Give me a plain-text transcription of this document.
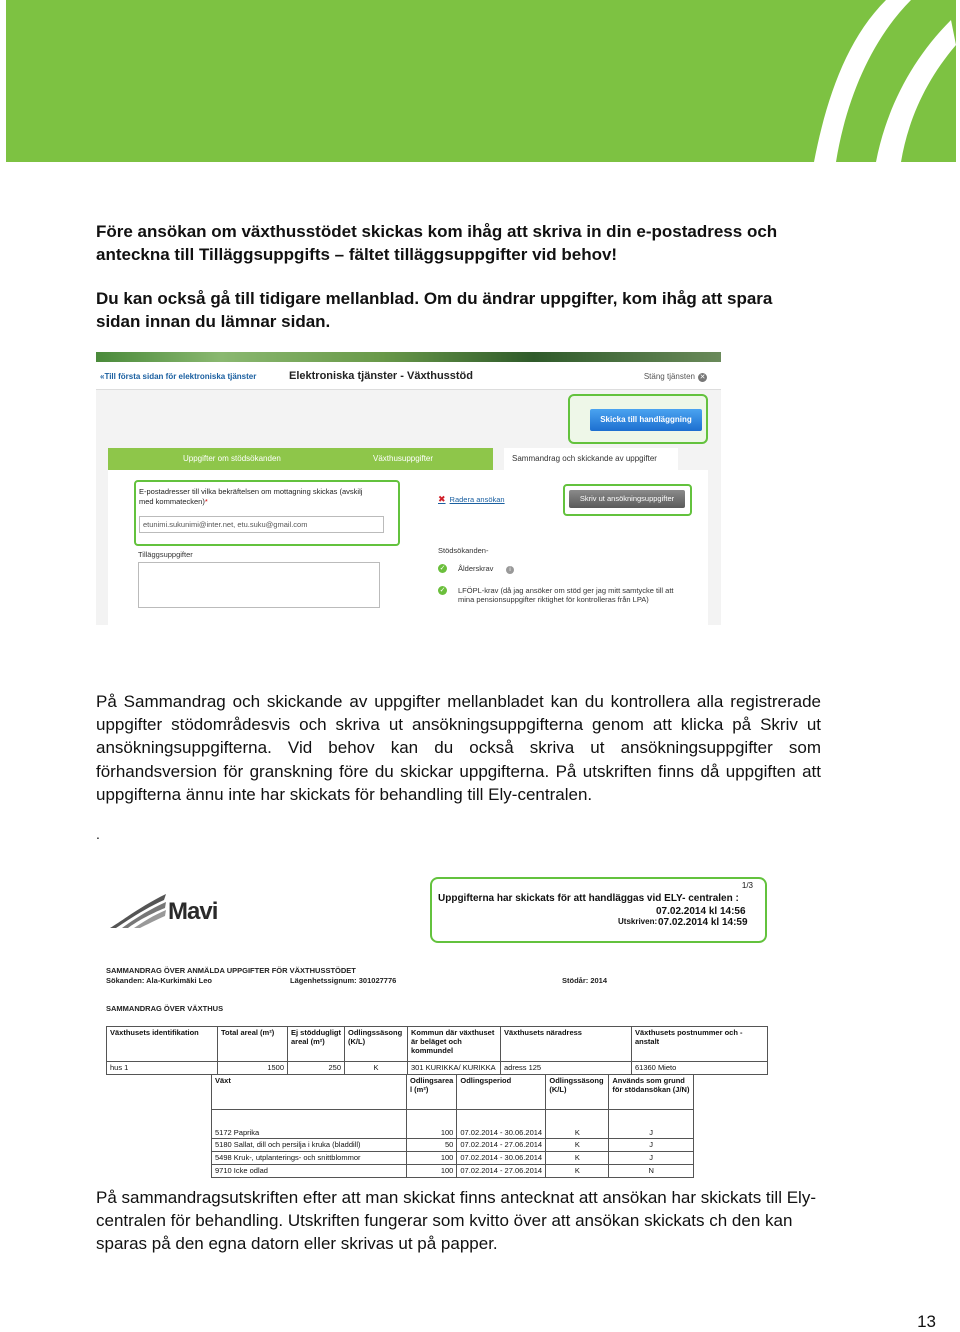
Före ansökan om växthusstödet skickas kom ihåg att skriva in din e-postadress och anteckna till Tilläggsuppgifts – fältet tilläggsuppgifter vid behov!

Du kan också gå till tidigare mellanblad. Om du ändrar uppgifter, kom ihåg att spara sidan innan du lämnar sidan.

«Till första sidan för elektroniska tjänster	Elektroniska tjänster - Växthusstöd	Stäng tjänsten ✕
Skicka till handläggning
Uppgifter om stödsökanden	Växthusuppgifter	Sammandrag och skickande av uppgifter
E-postadresser till vilka bekräftelsen om mottagning skickas (avskilj med kommatecken)*
etunimi.sukunimi@inter.net, etu.suku@gmail.com
Tilläggsuppgifter
✖ Radera ansökan	Skriv ut ansökningsuppgifter
Stödsökanden-
✓ Ålderskrav	i
✓ LFÖPL-krav (då jag ansöker om stöd ger jag mitt samtycke till att mina pensionsuppgifter riktighet för kontrolleras från LPA)

På Sammandrag och skickande av uppgifter mellanbladet kan du kontrollera alla registrerade uppgifter stödområdesvis och skriva ut ansökningsuppgifterna genom att klicka på Skriv ut ansökningsuppgifterna. Vid behov kan du också skriva ut ansökningsuppgifter som förhandsversion för granskning före du skickar uppgifterna. På utskriften finns då uppgiften att uppgifterna ännu inte har skickats för behandling till Ely-centralen.

.
Mavi
1/3
Uppgifterna har skickats för att handläggas vid ELY- centralen :
07.02.2014 kl 14:56
Utskriven: 07.02.2014 kl 14:59
SAMMANDRAG ÖVER ANMÄLDA UPPGIFTER FÖR VÄXTHUSSTÖDET
Sökanden: Ala-Kurkimäki Leo	Lägenhetssignum: 301027776	Stödår: 2014
SAMMANDRAG ÖVER VÄXTHUS
Växthusets identifikation	Total areal (m²)	Ej stöddugligt areal (m²)	Odlingssäsong (K/L)	Kommun där växthuset är beläget och kommundel	Växthusets näradress	Växthusets postnummer och -anstalt
hus 1	1500	250	K	301 KURIKKA/ KURIKKA	adress 125	61360 Mieto
Växt	Odlingsarea l (m²)	Odlingsperiod	Odlingssäsong (K/L)	Används som grund för stödansökan (J/N)
5172 Paprika	100	07.02.2014 - 30.06.2014	K	J
5180 Sallat, dill och persilja i kruka (bladdill)	50	07.02.2014 - 27.06.2014	K	J
5498 Kruk-, utplanterings- och snittblommor	100	07.02.2014 - 30.06.2014	K	J
9710 Icke odlad	100	07.02.2014 - 27.06.2014	K	N

På sammandragsutskriften efter att man skickat finns antecknat att ansökan har skickats till Ely-centralen för behandling. Utskriften fungerar som kvitto över att ansökan skickats ch den kan sparas på den egna datorn eller skrivas ut på papper.

13
